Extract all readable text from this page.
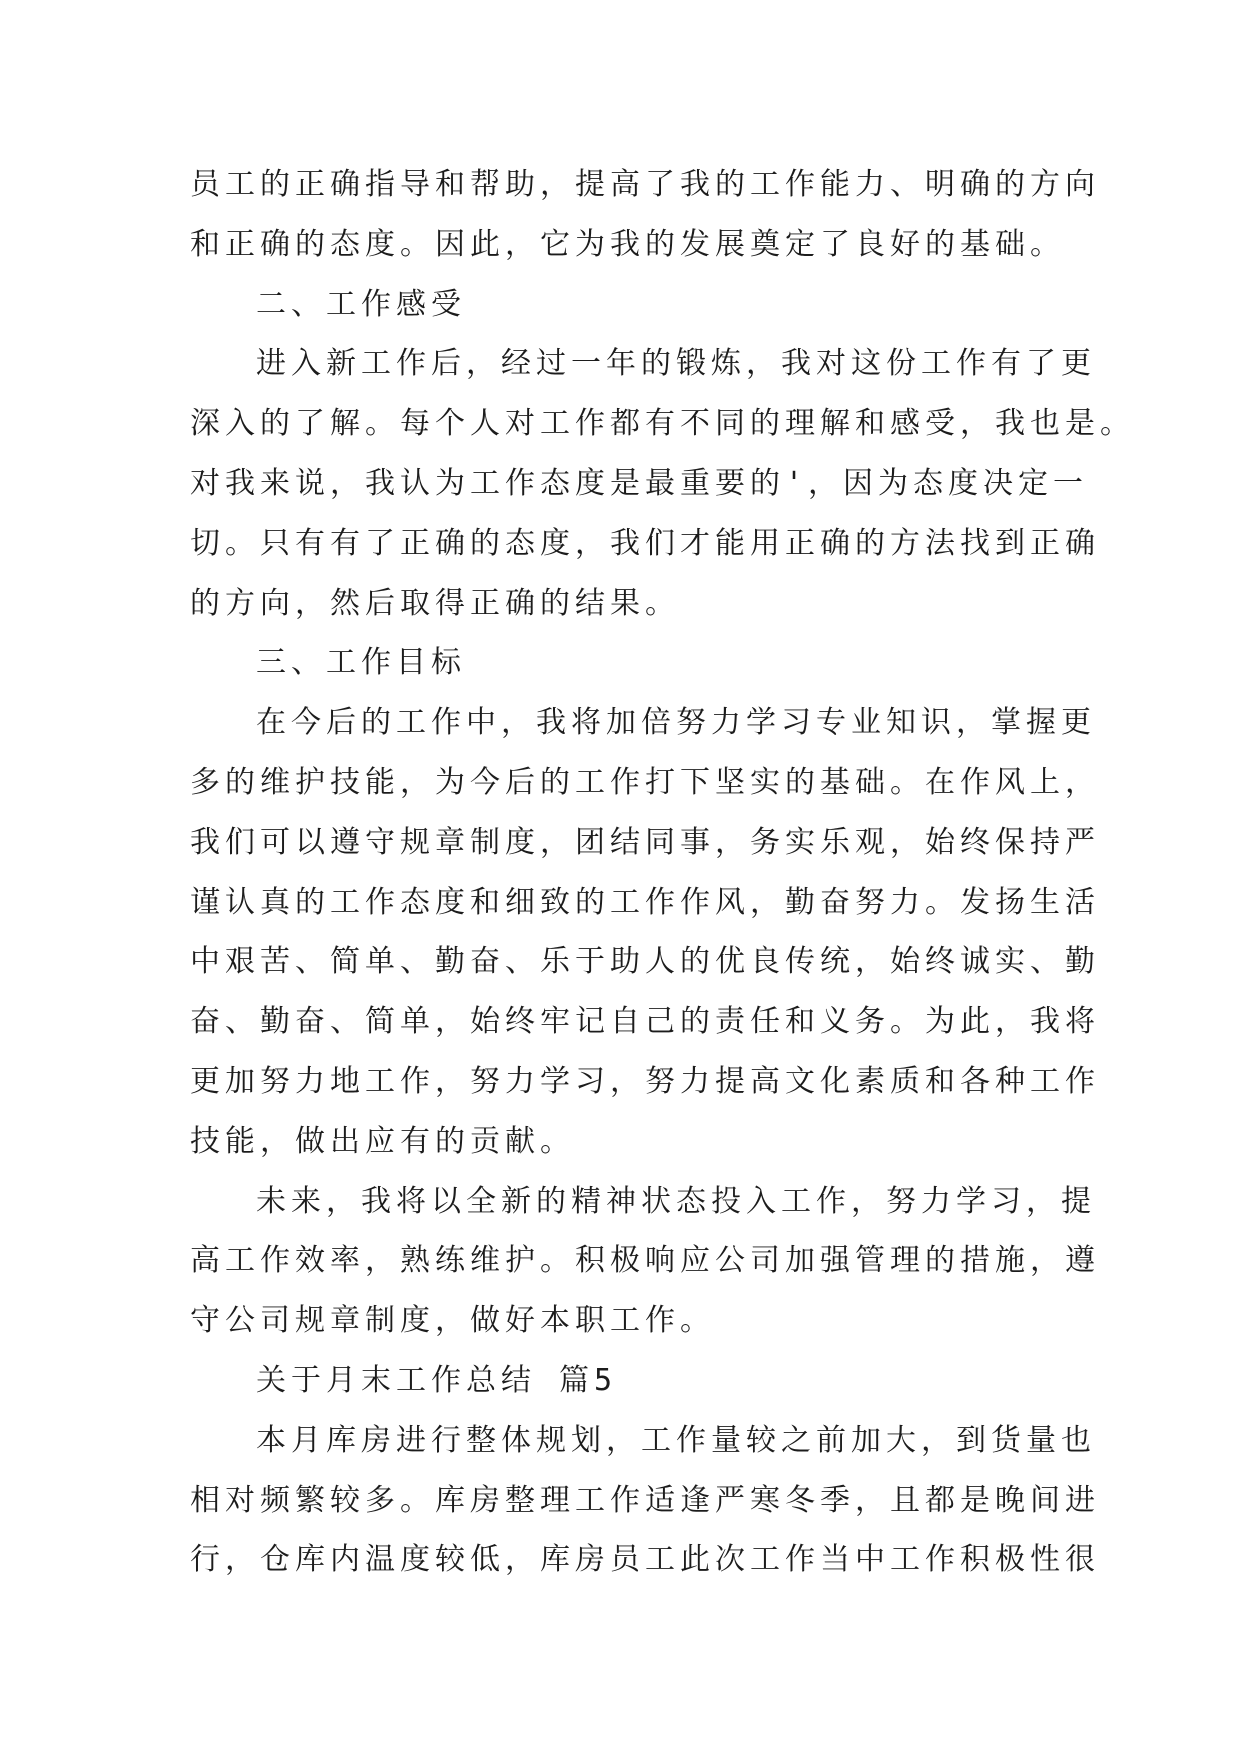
员工的正确指导和帮助，提高了我的工作能力、明确的方向
和正确的态度。因此，它为我的发展奠定了良好的基础。
二、工作感受
进入新工作后，经过一年的锻炼，我对这份工作有了更
深入的了解。每个人对工作都有不同的理解和感受，我也是。
对我来说，我认为工作态度是最重要的'，因为态度决定一
切。只有有了正确的态度，我们才能用正确的方法找到正确
的方向，然后取得正确的结果。
三、工作目标
在今后的工作中，我将加倍努力学习专业知识，掌握更
多的维护技能，为今后的工作打下坚实的基础。在作风上，
我们可以遵守规章制度，团结同事，务实乐观，始终保持严
谨认真的工作态度和细致的工作作风，勤奋努力。发扬生活
中艰苦、简单、勤奋、乐于助人的优良传统，始终诚实、勤
奋、勤奋、简单，始终牢记自己的责任和义务。为此，我将
更加努力地工作，努力学习，努力提高文化素质和各种工作
技能，做出应有的贡献。
未来，我将以全新的精神状态投入工作，努力学习，提
高工作效率，熟练维护。积极响应公司加强管理的措施，遵
守公司规章制度，做好本职工作。
关于月末工作总结 篇5
本月库房进行整体规划，工作量较之前加大，到货量也
相对频繁较多。库房整理工作适逢严寒冬季，且都是晚间进
行，仓库内温度较低，库房员工此次工作当中工作积极性很
